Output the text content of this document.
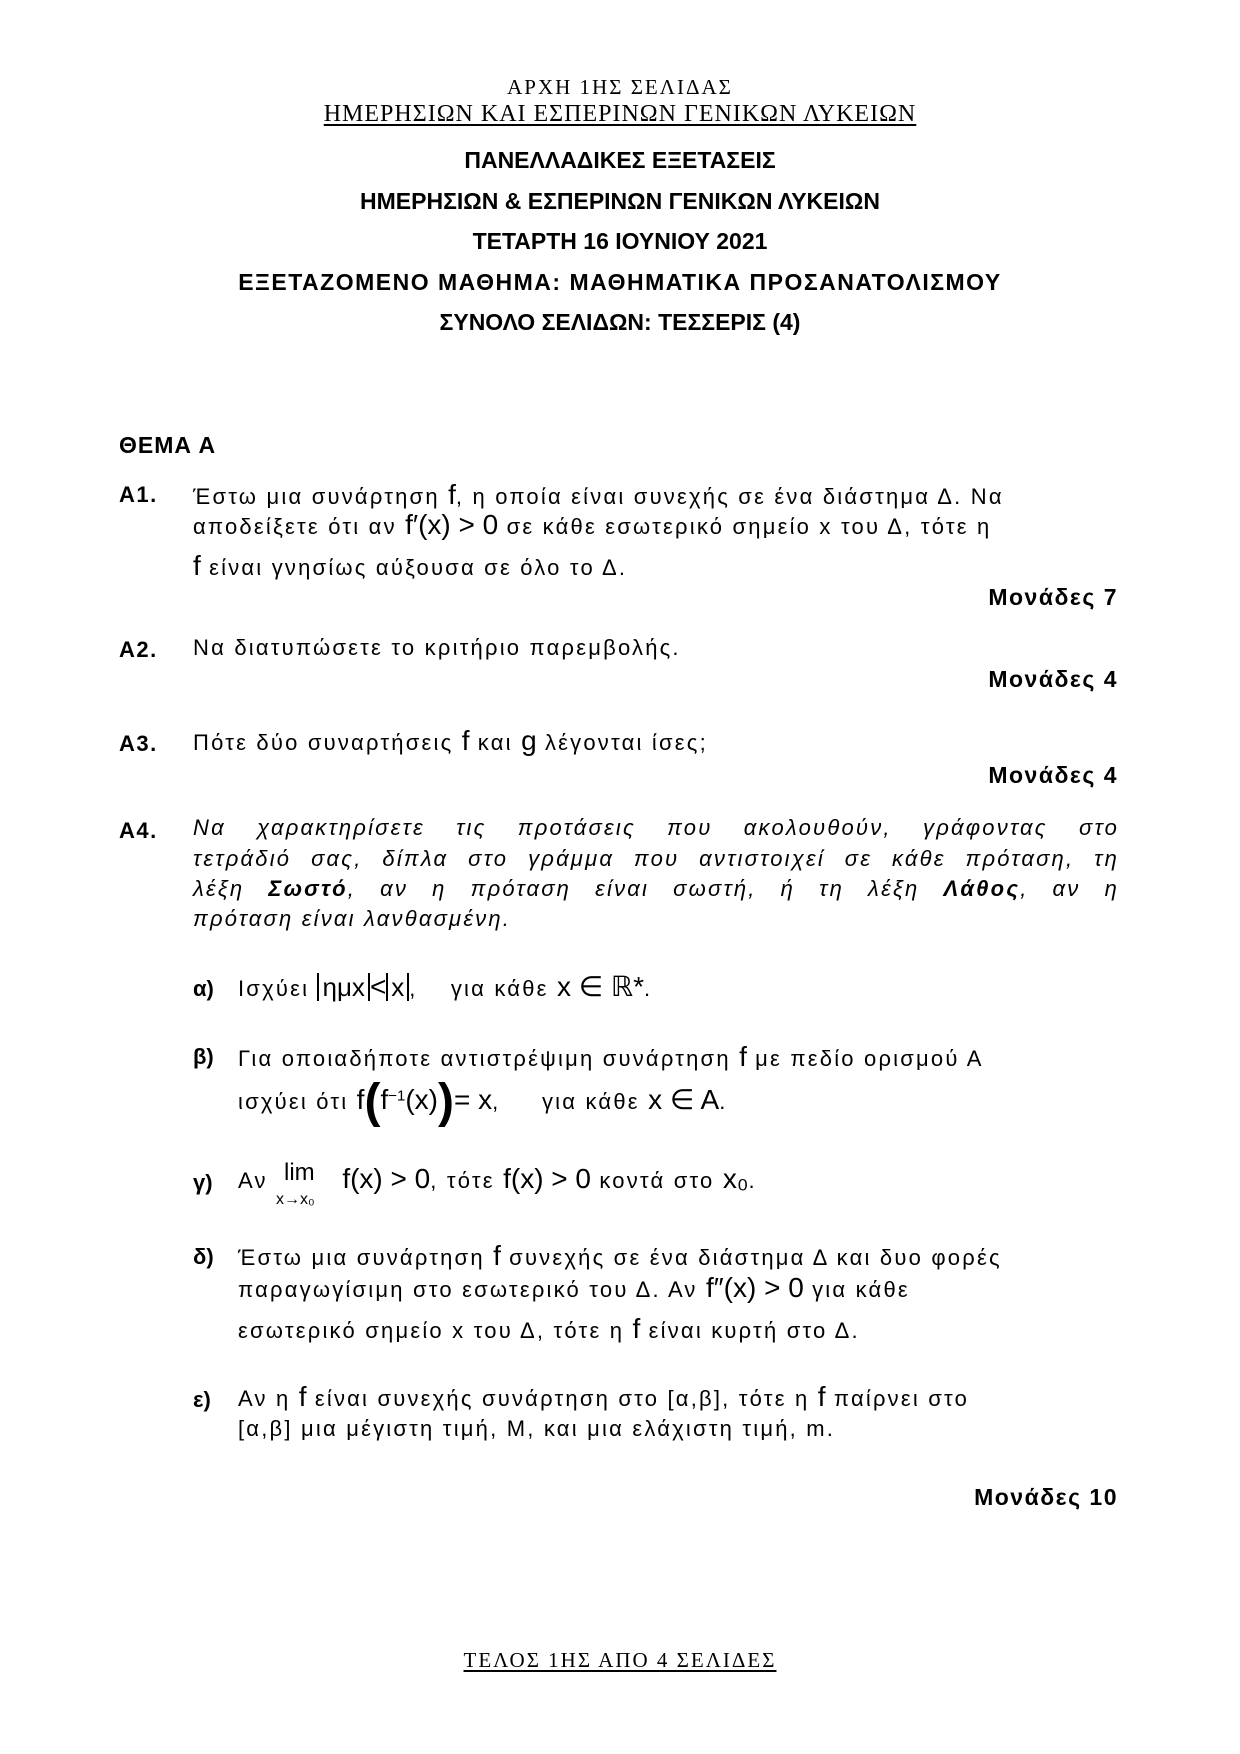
ΑΡΧΗ 1ΗΣ ΣΕΛΙΔΑΣ
ΗΜΕΡΗΣΙΩΝ ΚΑΙ ΕΣΠΕΡΙΝΩΝ ΓΕΝΙΚΩΝ ΛΥΚΕΙΩΝ
ΠΑΝΕΛΛΑΔΙΚΕΣ ΕΞΕΤΑΣΕΙΣ
ΗΜΕΡΗΣΙΩΝ & ΕΣΠΕΡΙΝΩΝ ΓΕΝΙΚΩΝ ΛΥΚΕΙΩΝ
ΤΕΤΑΡΤΗ 16 ΙΟΥΝΙΟΥ 2021
ΕΞΕΤΑΖΟΜΕΝΟ ΜΑΘΗΜΑ: ΜΑΘΗΜΑΤΙΚΑ ΠΡΟΣΑΝΑΤΟΛΙΣΜΟΥ
ΣΥΝΟΛΟ ΣΕΛΙΔΩΝ: ΤΕΣΣΕΡΙΣ (4)
ΘΕΜΑ Α
Α1. Έστω μια συνάρτηση f, η οποία είναι συνεχής σε ένα διάστημα Δ. Να
αποδείξετε ότι αν f′(x) > 0 σε κάθε εσωτερικό σημείο x του Δ, τότε η
f είναι γνησίως αύξουσα σε όλο το Δ.
Μονάδες 7
Α2. Να διατυπώσετε το κριτήριο παρεμβολής.
Μονάδες 4
Α3. Πότε δύο συναρτήσεις f και g λέγονται ίσες;
Μονάδες 4
Α4. Να χαρακτηρίσετε τις προτάσεις που ακολουθούν, γράφοντας στο
τετράδιό σας, δίπλα στο γράμμα που αντιστοιχεί σε κάθε πρόταση, τη
λέξη Σωστό, αν η πρόταση είναι σωστή, ή τη λέξη Λάθος, αν η
πρόταση είναι λανθασμένη.
α) Ισχύει ημx < x , για κάθε x ∈ ℝ*.
β) Για οποιαδήποτε αντιστρέψιμη συνάρτηση f με πεδίο ορισμού Α
ισχύει ότι $f(f^{-1}(x))= x$, για κάθε x ∈ A.
γ) Αν lim
x→x₀
f(x) > 0, τότε f(x) > 0 κοντά στο x₀.
δ) Έστω μια συνάρτηση f συνεχής σε ένα διάστημα Δ και δυο φορές
παραγωγίσιμη στο εσωτερικό του Δ. Αν f″(x) > 0 για κάθε
εσωτερικό σημείο x του Δ, τότε η f είναι κυρτή στο Δ.
ε) Αν η f είναι συνεχής συνάρτηση στο [α,β], τότε η f παίρνει στο
[α,β] μια μέγιστη τιμή, Μ, και μια ελάχιστη τιμή, m.
Μονάδες 10
ΤΕΛΟΣ 1ΗΣ ΑΠΟ 4 ΣΕΛΙΔΕΣ
